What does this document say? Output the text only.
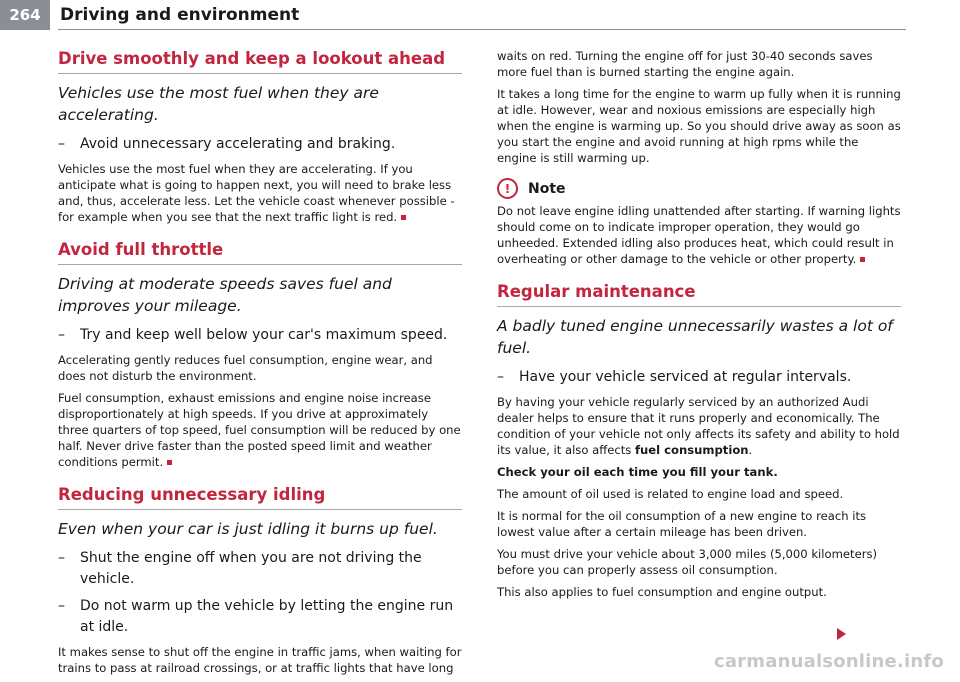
264	Driving and environment
Drive smoothly and keep a lookout ahead

Vehicles use the most fuel when they are accelerating.

– Avoid unnecessary accelerating and braking.

Vehicles use the most fuel when they are accelerating. If you anticipate what is going to happen next, you will need to brake less and, thus, accelerate less. Let the vehicle coast whenever possible - for example when you see that the next traffic light is red.

Avoid full throttle

Driving at moderate speeds saves fuel and improves your mileage.

– Try and keep well below your car's maximum speed.

Accelerating gently reduces fuel consumption, engine wear, and does not disturb the environment.

Fuel consumption, exhaust emissions and engine noise increase disproportionately at high speeds. If you drive at approximately three quarters of top speed, fuel consumption will be reduced by one half. Never drive faster than the posted speed limit and weather conditions permit.

Reducing unnecessary idling

Even when your car is just idling it burns up fuel.

– Shut the engine off when you are not driving the vehicle.

– Do not warm up the vehicle by letting the engine run at idle.

It makes sense to shut off the engine in traffic jams, when waiting for trains to pass at railroad crossings, or at traffic lights that have long

waits on red. Turning the engine off for just 30-40 seconds saves more fuel than is burned starting the engine again.

It takes a long time for the engine to warm up fully when it is running at idle. However, wear and noxious emissions are especially high when the engine is warming up. So you should drive away as soon as you start the engine and avoid running at high rpms while the engine is still warming up.

!	Note

Do not leave engine idling unattended after starting. If warning lights should come on to indicate improper operation, they would go unheeded. Extended idling also produces heat, which could result in overheating or other damage to the vehicle or other property.

Regular maintenance

A badly tuned engine unnecessarily wastes a lot of fuel.

– Have your vehicle serviced at regular intervals.

By having your vehicle regularly serviced by an authorized Audi dealer helps to ensure that it runs properly and economically. The condition of your vehicle not only affects its safety and ability to hold its value, it also affects fuel consumption.

Check your oil each time you fill your tank.

The amount of oil used is related to engine load and speed.

It is normal for the oil consumption of a new engine to reach its lowest value after a certain mileage has been driven.

You must drive your vehicle about 3,000 miles (5,000 kilometers) before you can properly assess oil consumption.

This also applies to fuel consumption and engine output.

carmanualsonline.info
